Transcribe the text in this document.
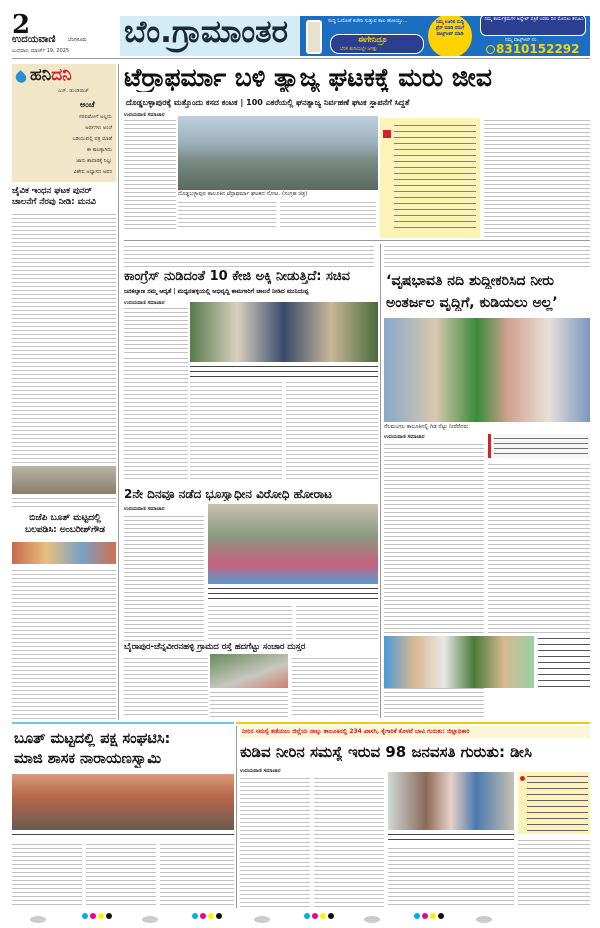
2
ಉದಯವಾಣಿ	ಬೆಂಗಳೂರು
ಬುಧವಾರ, ಮಾರ್ಚ್ 19, 2025
ಬೆಂ.ಗ್ರಾಮಾಂತರ	ಸುದ್ದಿ ಓದೋಕೆ ಕಚೇರಿ ಸುತ್ತುವ ಕಾಲ ಹೋಯ್ತು...
ಈಗೇನಿದ್ರೂ
ಬೆರಳ ತುದಿಯಲ್ಲೇ ಜಗತ್ತು
ನಿಮ್ಮ ಊರಿನ ಸುದ್ದಿ ಪ್ರೆಸ್ ಮಾಡಿ ನಮಗೆ ವಾಟ್ಸ್ಆಪ್ ಮಾಡಿ
ನಿಮ್ಮ ಕಾರ್ಯಕ್ರಮಗಳ ಅಪ್ಡೇಟ್ ಪತ್ರಿಕೆ ಎರಡು ದಿನ ಮೊದಲು ಕಳುಹಿಸಿ
ನಮ್ಮ ವಾಟ್ಸ್ಆಪ್ ನಂ.
8310152292
ಹನಿದನಿ
ಎಚ್. ಡುಂಡಿರಾಜ್
ಅಂಚೆ
ಸರಪಟೋಗೆ ಅಲ್ಲದು
ಅರ್ಥಗಳು ಅಂಚೆ
ಬಡಿಯುವಲ್ಲಿ ಪತ್ರ ಮಾಡೆ
ಈ ಕಾಲಕ್ಕಾಗಿದು
ಜಾನು ಶಾಪಾರಕ್ಕೆ ನಿಲ್ಲು
ವಿಶೇಷ ಅಭ್ಯಾಸದ ಅವರ
ಜೈವಿಕ ಇಂಧನ ಘಟಕ ಪುನರ್ ಚಾಲನೆಗೆ ನೆರವು ನೀಡಿ: ಮನವಿ
ಬಿಜೆಪಿ ಬೂತ್ ಮಟ್ಟದಲ್ಲಿ ಬಲಪಡಿಸಿ: ಅಂಬರೀಶ್‌ಗೌಡ
ಟೆರ್ರಾಫರ್ಮಾ ಬಳಿ ತ್ಯಾಜ್ಯ ಘಟಕಕ್ಕೆ ಮರು ಜೀವ
ದೊಡ್ಡಬಳ್ಳಾಪುರಕ್ಕೆ ಮತ್ತೊಂದು ಕಸದ ಕಂಟಕ | 100 ಎಕರೆಯಲ್ಲಿ ಘನತ್ಯಾಜ್ಯ ನಿರ್ವಹಣೆ ಘಟಕ ಸ್ಥಾಪನೆಗೆ ಸಿದ್ಧತೆ
ಉದಯವಾಣಿ ಸಮಾಚಾರ
ದೊಡ್ಡಬಳ್ಳಾಪುರ ತಾಲೂಕಿನ ಟೆರ್ರಾಫರ್ಮಾ ಘಟಕದ ನೋಟ. (ಸಂಗ್ರಹ ಚಿತ್ರ)
ಕಾಂಗ್ರೆಸ್ ನುಡಿದಂತೆ 10 ಕೇಜಿ ಅಕ್ಕಿ ನೀಡುತ್ತಿದೆ: ಸಚಿವ
ಜನಕಲ್ಯಾಣ ನಮ್ಮ ಆದ್ಯತೆ | ಮಧ್ಯನಹಳ್ಳಿಯಲ್ಲಿ ಅಭಿವೃದ್ಧಿ ಕಾಮಗಾರಿಗೆ ಚಾಲನೆ ನೀಡಿದ ಮುನಿಯಪ್ಪ
ಉದಯವಾಣಿ ಸಮಾಚಾರ
‘ವೃಷಭಾವತಿ ನದಿ ಶುದ್ಧೀಕರಿಸಿದ ನೀರು
ಅಂತರ್ಜಲ ವೃದ್ಧಿಗೆ, ಕುಡಿಯಲು ಅಲ್ಲ’
ನೆಲಮಂಗಲ ತಾಲೂಕಿನಲ್ಲಿ ಗಿಡ ನೆಟ್ಟು ನೀರೆರೆದರು.
ಉದಯವಾಣಿ ಸಮಾಚಾರ
2ನೇ ದಿನವೂ ನಡೆದ ಭೂಸ್ವಾಧೀನ ವಿರೋಧಿ ಹೋರಾಟ
ಉದಯವಾಣಿ ಸಮಾಚಾರ
ಬೈರಾಪುರ-ಚೆನ್ನವೀರನಹಳ್ಳಿ ಗ್ರಾಮದ ರಸ್ತೆ ಹದಗೆಟ್ಟು ಸಂಚಾರ ದುಸ್ತರ
ಬೂತ್ ಮಟ್ಟದಲ್ಲಿ ಪಕ್ಷ ಸಂಘಟಿಸಿ:
ಮಾಜಿ ಶಾಸಕ ನಾರಾಯಣಸ್ವಾಮಿ
ನೀರಿನ ಸಮಸ್ಯೆ ತಡೆಯಲು ಜಿಲ್ಲೆಯ ನಾಲ್ಕು ತಾಲೂಕಿನಲ್ಲಿ 234 ಖಾಸಗಿ, ಕೈಗಾರಿಕೆ ಕೊಳವೆ ಬಾವಿ ಗುರುತು: ಜಿಲ್ಲಾಧಿಕಾರಿ
ಕುಡಿವ ನೀರಿನ ಸಮಸ್ಯೆ ಇರುವ 98 ಜನವಸತಿ ಗುರುತು: ಡೀಸಿ
ಉದಯವಾಣಿ ಸಮಾಚಾರ
